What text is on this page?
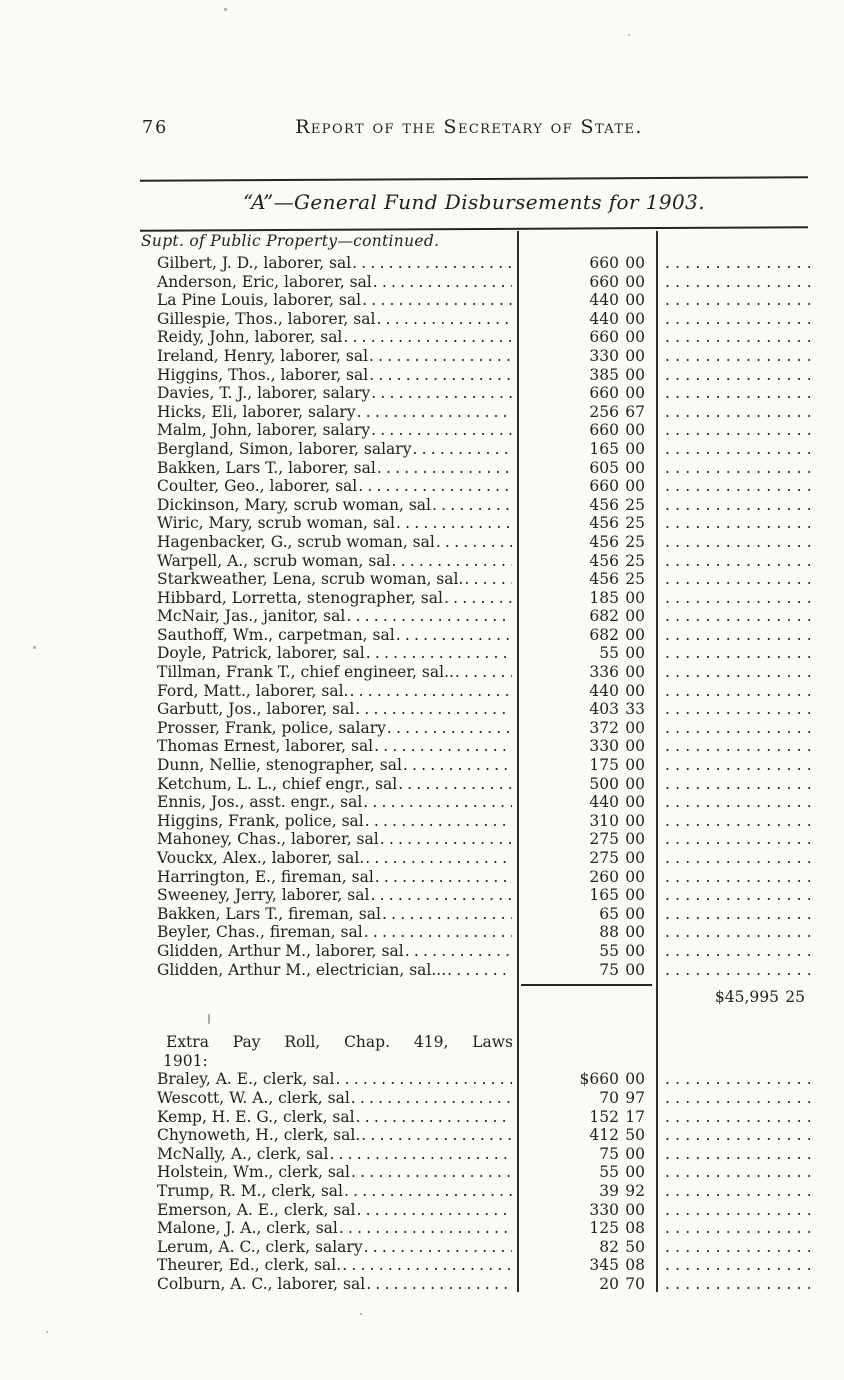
76	Report of the Secretary of State.
“A”—General Fund Disbursements for 1903.
Supt. of Public Property—continued.
Gilbert, J. D., laborer, sal .....	660 00
.....
Anderson, Eric, laborer, sal .....	660 00
.....
La Pine Louis, laborer, sal .....	440 00
.....
Gillespie, Thos., laborer, sal .....	440 00
.....
Reidy, John, laborer, sal .....	660 00
.....
Ireland, Henry, laborer, sal .....	330 00
.....
Higgins, Thos., laborer, sal .....	385 00
.....
Davies, T. J., laborer, salary .....	660 00
.....
Hicks, Eli, laborer, salary .....	256 67
.....
Malm, John, laborer, salary .....	660 00
.....
Bergland, Simon, laborer, salary .....	165 00
.....
Bakken, Lars T., laborer, sal .....	605 00
.....
Coulter, Geo., laborer, sal .....	660 00
.....
Dickinson, Mary, scrub woman, sal .....	456 25
.....
Wiric, Mary, scrub woman, sal .....	456 25
.....
Hagenbacker, G., scrub woman, sal .....	456 25
.....
Warpell, A., scrub woman, sal .....	456 25
.....
Starkweather, Lena, scrub woman, sal. .....	456 25
.....
Hibbard, Lorretta, stenographer, sal .....	185 00
.....
McNair, Jas., janitor, sal .....	682 00
.....
Sauthoff, Wm., carpetman, sal .....	682 00
.....
Doyle, Patrick, laborer, sal .....	55 00
.....
Tillman, Frank T., chief engineer, sal.. .....	336 00
.....
Ford, Matt., laborer, sal. .....	440 00
.....
Garbutt, Jos., laborer, sal .....	403 33
.....
Prosser, Frank, police, salary .....	372 00
.....
Thomas Ernest, laborer, sal .....	330 00
.....
Dunn, Nellie, stenographer, sal .....	175 00
.....
Ketchum, L. L., chief engr., sal .....	500 00
.....
Ennis, Jos., asst. engr., sal .....	440 00
.....
Higgins, Frank, police, sal .....	310 00
.....
Mahoney, Chas., laborer, sal .....	275 00
.....
Vouckx, Alex., laborer, sal. .....	275 00
.....
Harrington, E., fireman, sal .....	260 00
.....
Sweeney, Jerry, laborer, sal .....	165 00
.....
Bakken, Lars T., fireman, sal .....	65 00
.....
Beyler, Chas., fireman, sal .....	88 00
.....
Glidden, Arthur M., laborer, sal .....	55 00
.....
Glidden, Arthur M., electrician, sal... .....	75 00
.....
$45,995 25
Extra Pay Roll, Chap. 419, Laws
1901:
Braley, A. E., clerk, sal .....	$660 00
.....
Wescott, W. A., clerk, sal .....	70 97
.....
Kemp, H. E. G., clerk, sal .....	152 17
.....
Chynoweth, H., clerk, sal. .....	412 50
.....
McNally, A., clerk, sal .....	75 00
.....
Holstein, Wm., clerk, sal .....	55 00
.....
Trump, R. M., clerk, sal .....	39 92
.....
Emerson, A. E., clerk, sal .....	330 00
.....
Malone, J. A., clerk, sal .....	125 08
.....
Lerum, A. C., clerk, salary .....	82 50
.....
Theurer, Ed., clerk, sal. .....	345 08
.....
Colburn, A. C., laborer, sal .....	20 70
.....
